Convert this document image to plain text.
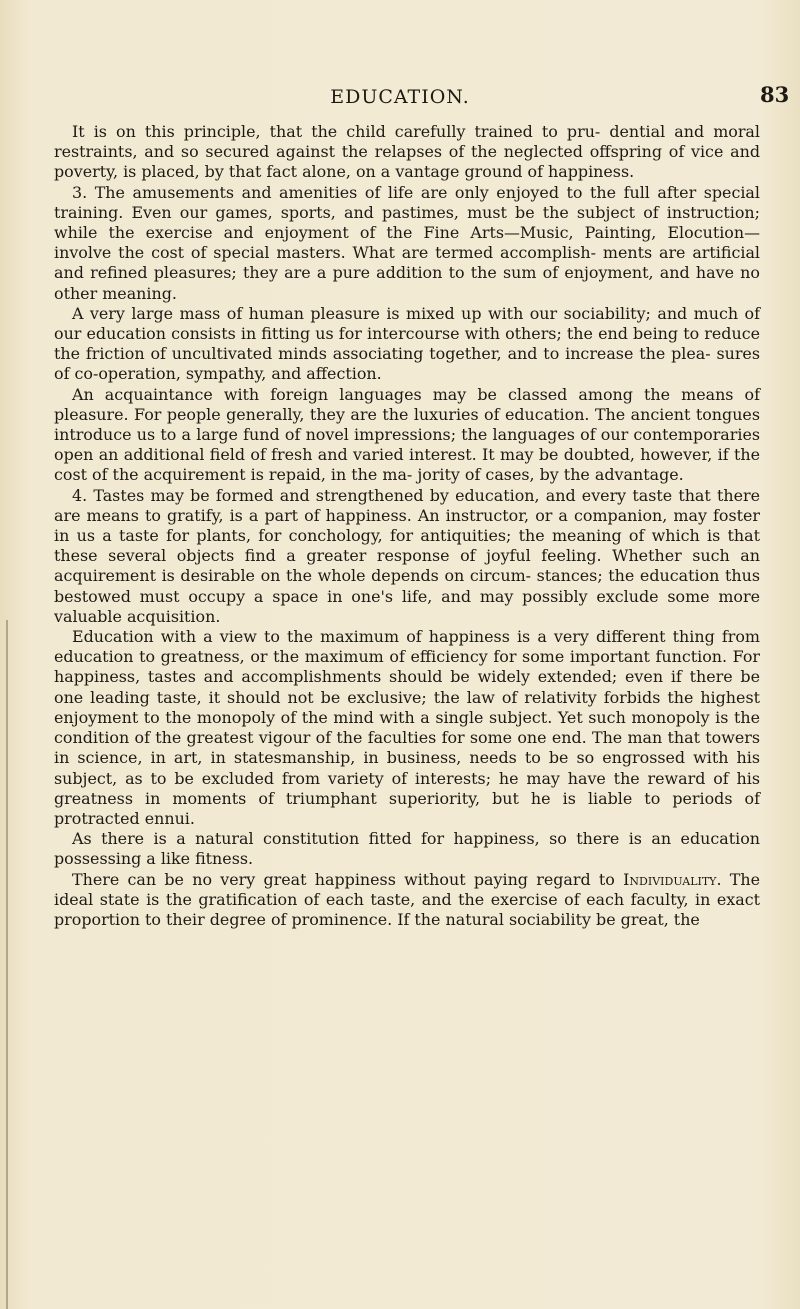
EDUCATION.	83

It is on this principle, that the child carefully trained to pru- dential and moral restraints, and so secured against the relapses of the neglected offspring of vice and poverty, is placed, by that fact alone, on a vantage ground of happiness.

3. The amusements and amenities of life are only enjoyed to the full after special training. Even our games, sports, and pastimes, must be the subject of instruction; while the exercise and enjoyment of the Fine Arts—Music, Painting, Elocution— involve the cost of special masters. What are termed accomplish- ments are artificial and refined pleasures; they are a pure addition to the sum of enjoyment, and have no other meaning.

A very large mass of human pleasure is mixed up with our sociability; and much of our education consists in fitting us for intercourse with others; the end being to reduce the friction of uncultivated minds associating together, and to increase the plea- sures of co-operation, sympathy, and affection.

An acquaintance with foreign languages may be classed among the means of pleasure. For people generally, they are the luxuries of education. The ancient tongues introduce us to a large fund of novel impressions; the languages of our contemporaries open an additional field of fresh and varied interest. It may be doubted, however, if the cost of the acquirement is repaid, in the ma- jority of cases, by the advantage.

4. Tastes may be formed and strengthened by education, and every taste that there are means to gratify, is a part of happiness. An instructor, or a companion, may foster in us a taste for plants, for conchology, for antiquities; the meaning of which is that these several objects find a greater response of joyful feeling. Whether such an acquirement is desirable on the whole depends on circum- stances; the education thus bestowed must occupy a space in one's life, and may possibly exclude some more valuable acquisition.

Education with a view to the maximum of happiness is a very different thing from education to greatness, or the maximum of efficiency for some important function. For happiness, tastes and accomplishments should be widely extended; even if there be one leading taste, it should not be exclusive; the law of relativity forbids the highest enjoyment to the monopoly of the mind with a single subject. Yet such monopoly is the condition of the greatest vigour of the faculties for some one end. The man that towers in science, in art, in statesmanship, in business, needs to be so engrossed with his subject, as to be excluded from variety of interests; he may have the reward of his greatness in moments of triumphant superiority, but he is liable to periods of protracted ennui.

As there is a natural constitution fitted for happiness, so there is an education possessing a like fitness.

There can be no very great happiness without paying regard to Individuality. The ideal state is the gratification of each taste, and the exercise of each faculty, in exact proportion to their degree of prominence. If the natural sociability be great, the
